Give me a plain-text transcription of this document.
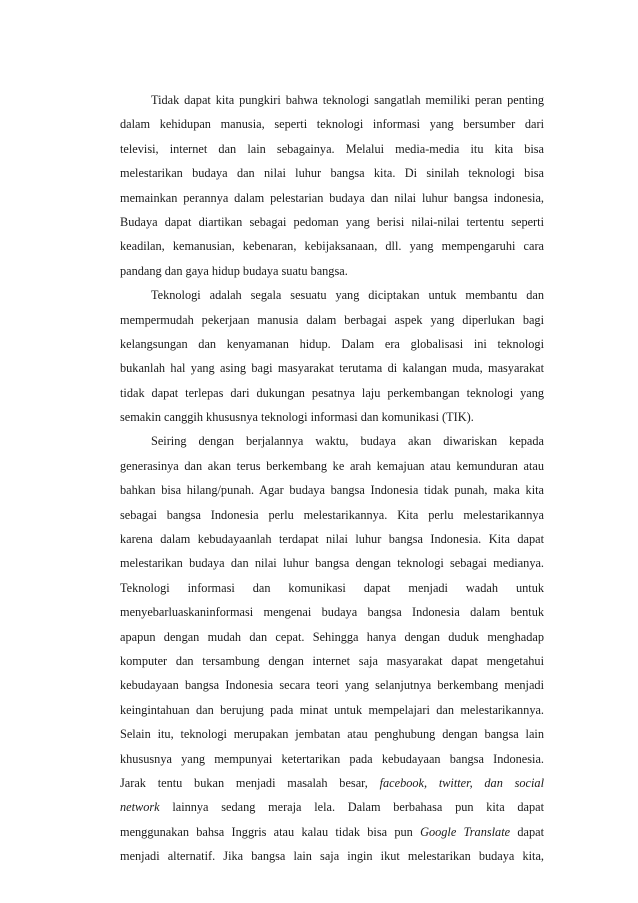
Tidak dapat kita pungkiri bahwa teknologi sangatlah memiliki peran penting
dalam kehidupan manusia, seperti teknologi informasi yang bersumber dari
televisi, internet dan lain sebagainya. Melalui media-media itu kita bisa
melestarikan budaya dan nilai luhur bangsa kita. Di sinilah teknologi bisa
memainkan perannya dalam pelestarian budaya dan nilai luhur bangsa indonesia,
Budaya dapat diartikan sebagai pedoman yang berisi nilai-nilai tertentu seperti
keadilan, kemanusian, kebenaran, kebijaksanaan, dll. yang mempengaruhi cara
pandang dan gaya hidup budaya suatu bangsa.
Teknologi adalah segala sesuatu yang diciptakan untuk membantu dan
mempermudah pekerjaan manusia dalam berbagai aspek yang diperlukan bagi
kelangsungan dan kenyamanan hidup. Dalam era globalisasi ini teknologi
bukanlah hal yang asing bagi masyarakat terutama di kalangan muda, masyarakat
tidak dapat terlepas dari dukungan pesatnya laju perkembangan teknologi yang
semakin canggih khususnya teknologi informasi dan komunikasi (TIK).
Seiring dengan berjalannya waktu, budaya akan diwariskan kepada
generasinya dan akan terus berkembang ke arah kemajuan atau kemunduran atau
bahkan bisa hilang/punah. Agar budaya bangsa Indonesia tidak punah, maka kita
sebagai bangsa Indonesia perlu melestarikannya. Kita perlu melestarikannya
karena dalam kebudayaanlah terdapat nilai luhur bangsa Indonesia. Kita dapat
melestarikan budaya dan nilai luhur bangsa dengan teknologi sebagai medianya.
Teknologi informasi dan komunikasi dapat menjadi wadah untuk
menyebarluaskaninformasi mengenai budaya bangsa Indonesia dalam bentuk
apapun dengan mudah dan cepat. Sehingga hanya dengan duduk menghadap
komputer dan tersambung dengan internet saja masyarakat dapat mengetahui
kebudayaan bangsa Indonesia secara teori yang selanjutnya berkembang menjadi
keingintahuan dan berujung pada minat untuk mempelajari dan melestarikannya.
Selain itu, teknologi merupakan jembatan atau penghubung dengan bangsa lain
khususnya yang mempunyai ketertarikan pada kebudayaan bangsa Indonesia.
Jarak tentu bukan menjadi masalah besar, facebook, twitter, dan social
network lainnya sedang meraja lela. Dalam berbahasa pun kita dapat
menggunakan bahsa Inggris atau kalau tidak bisa pun Google Translate dapat
menjadi alternatif. Jika bangsa lain saja ingin ikut melestarikan budaya kita,
